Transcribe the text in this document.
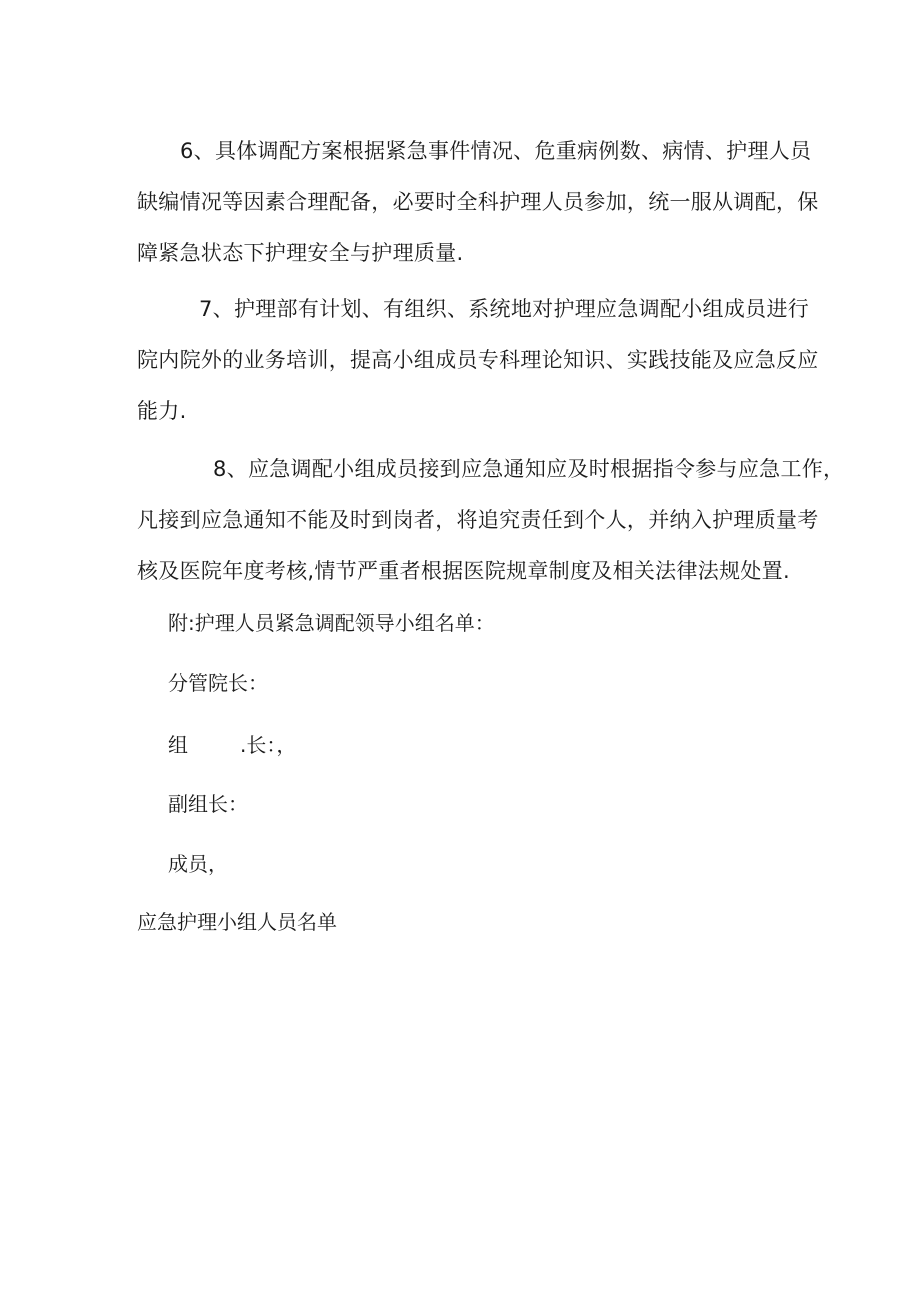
6、具体调配方案根据紧急事件情况、危重病例数、病情、护理人员
缺编情况等因素合理配备，必要时全科护理人员参加，统一服从调配，保
障紧急状态下护理安全与护理质量.

7、护理部有计划、有组织、系统地对护理应急调配小组成员进行
院内院外的业务培训，提高小组成员专科理论知识、实践技能及应急反应
能力.

8、应急调配小组成员接到应急通知应及时根据指令参与应急工作，
凡接到应急通知不能及时到岗者，将追究责任到个人，并纳入护理质量考
核及医院年度考核,情节严重者根据医院规章制度及相关法律法规处置.

附:护理人员紧急调配领导小组名单：

分管院长：

组	.长：，

副组长：

成员，

应急护理小组人员名单
